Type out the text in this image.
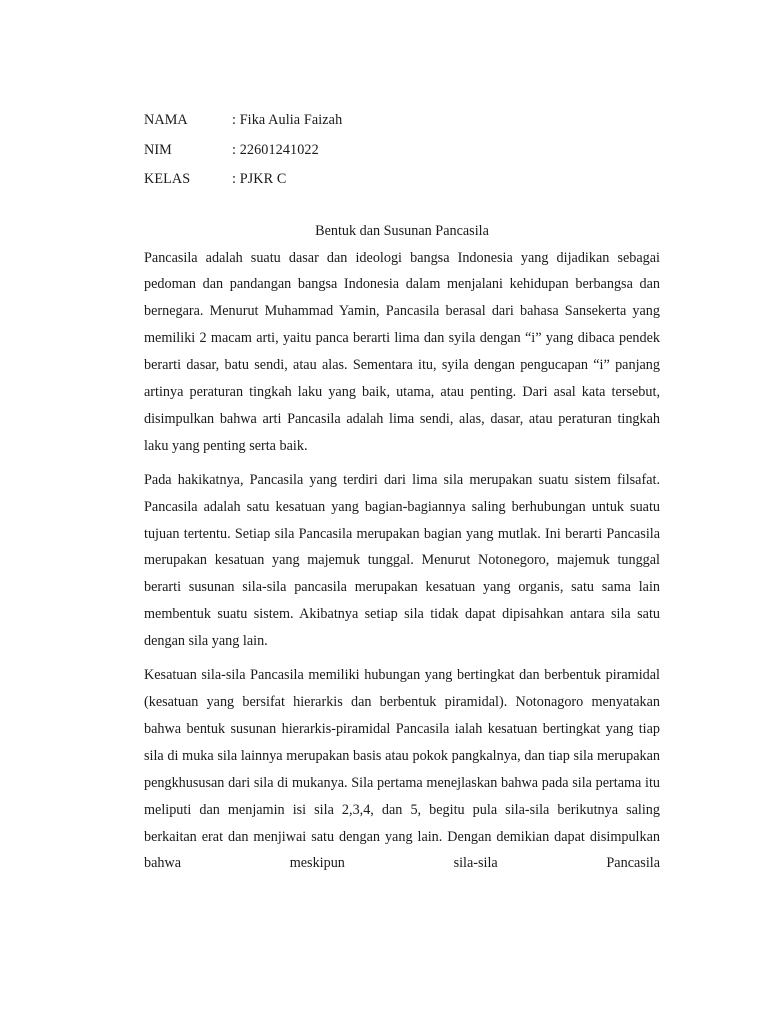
NAMA	: Fika Aulia Faizah
NIM	: 22601241022
KELAS	: PJKR C
Bentuk dan Susunan Pancasila

Pancasila adalah suatu dasar dan ideologi bangsa Indonesia yang dijadikan sebagai pedoman dan pandangan bangsa Indonesia dalam menjalani kehidupan berbangsa dan bernegara. Menurut Muhammad Yamin, Pancasila berasal dari bahasa Sansekerta yang memiliki 2 macam arti, yaitu panca berarti lima dan syila dengan “i” yang dibaca pendek berarti dasar, batu sendi, atau alas. Sementara itu, syila dengan pengucapan “i” panjang artinya peraturan tingkah laku yang baik, utama, atau penting. Dari asal kata tersebut, disimpulkan bahwa arti Pancasila adalah lima sendi, alas, dasar, atau peraturan tingkah laku yang penting serta baik.

Pada hakikatnya, Pancasila yang terdiri dari lima sila merupakan suatu sistem filsafat. Pancasila adalah satu kesatuan yang bagian-bagiannya saling berhubungan untuk suatu tujuan tertentu. Setiap sila Pancasila merupakan bagian yang mutlak. Ini berarti Pancasila merupakan kesatuan yang majemuk tunggal. Menurut Notonegoro, majemuk tunggal berarti susunan sila-sila pancasila merupakan kesatuan yang organis, satu sama lain membentuk suatu sistem. Akibatnya setiap sila tidak dapat dipisahkan antara sila satu dengan sila yang lain.

Kesatuan sila-sila Pancasila memiliki hubungan yang bertingkat dan berbentuk piramidal (kesatuan yang bersifat hierarkis dan berbentuk piramidal). Notonagoro menyatakan bahwa bentuk susunan hierarkis-piramidal Pancasila ialah kesatuan bertingkat yang tiap sila di muka sila lainnya merupakan basis atau pokok pangkalnya, dan tiap sila merupakan pengkhususan dari sila di mukanya. Sila pertama menejlaskan bahwa pada sila pertama itu meliputi dan menjamin isi sila 2,3,4, dan 5, begitu pula sila-sila berikutnya saling berkaitan erat dan menjiwai satu dengan yang lain. Dengan demikian dapat disimpulkan bahwa meskipun sila-sila Pancasila
